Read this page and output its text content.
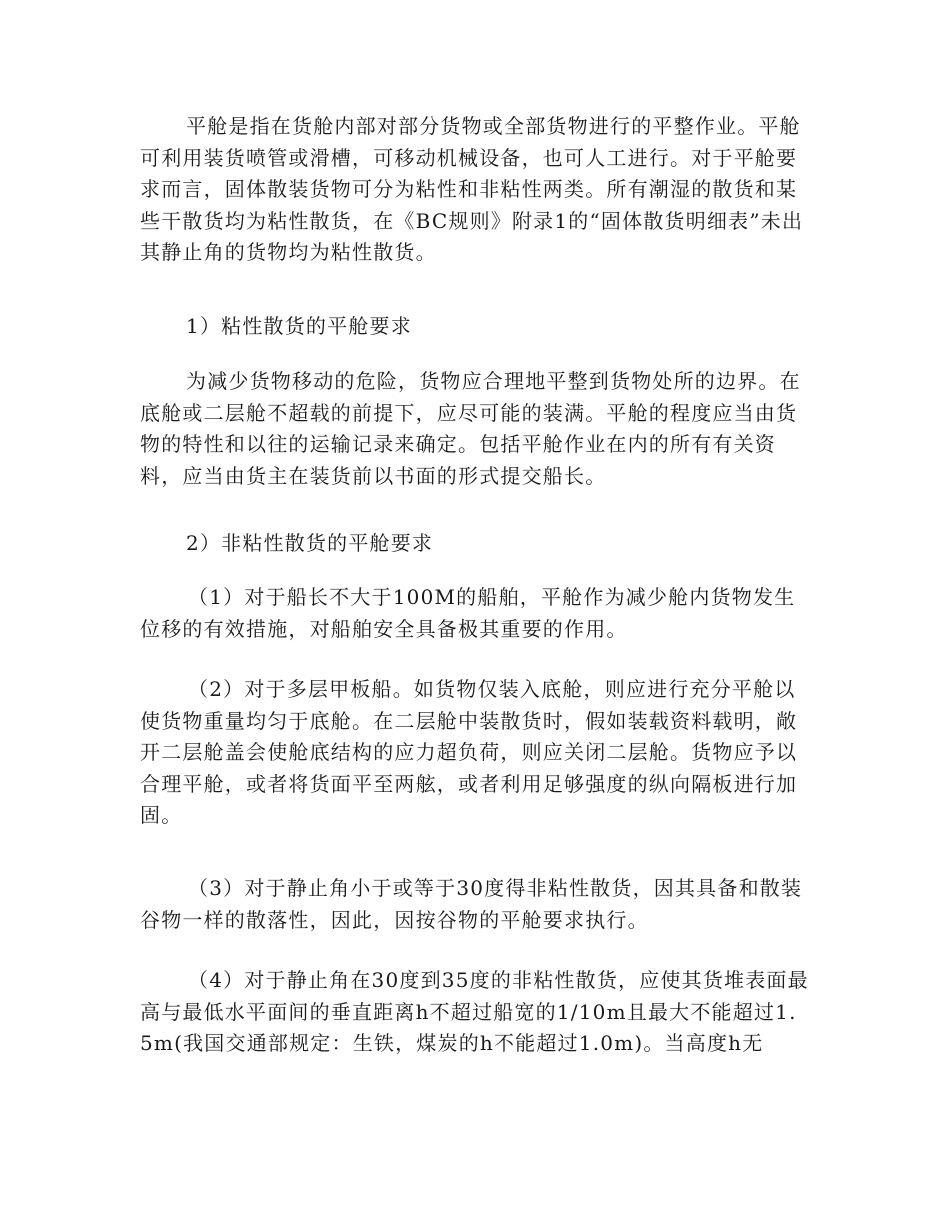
平舱是指在货舱内部对部分货物或全部货物进行的平整作业。平舱可利用装货喷管或滑槽，可移动机械设备，也可人工进行。对于平舱要求而言，固体散装货物可分为粘性和非粘性两类。所有潮湿的散货和某些干散货均为粘性散货，在《BC规则》附录1的“固体散货明细表”未出其静止角的货物均为粘性散货。

1）粘性散货的平舱要求

为减少货物移动的危险，货物应合理地平整到货物处所的边界。在底舱或二层舱不超载的前提下，应尽可能的装满。平舱的程度应当由货物的特性和以往的运输记录来确定。包括平舱作业在内的所有有关资料，应当由货主在装货前以书面的形式提交船长。

2）非粘性散货的平舱要求

（1）对于船长不大于100M的船舶，平舱作为减少舱内货物发生位移的有效措施，对船舶安全具备极其重要的作用。

（2）对于多层甲板船。如货物仅装入底舱，则应进行充分平舱以使货物重量均匀于底舱。在二层舱中装散货时，假如装载资料载明，敞开二层舱盖会使舱底结构的应力超负荷，则应关闭二层舱。货物应予以合理平舱，或者将货面平至两舷，或者利用足够强度的纵向隔板进行加固。

（3）对于静止角小于或等于30度得非粘性散货，因其具备和散装谷物一样的散落性，因此，因按谷物的平舱要求执行。

（4）对于静止角在30度到35度的非粘性散货，应使其货堆表面最高与最低水平面间的垂直距离h不超过船宽的1/10m且最大不能超过1.5m(我国交通部规定：生铁，煤炭的h不能超过1.0m)。当高度h无
